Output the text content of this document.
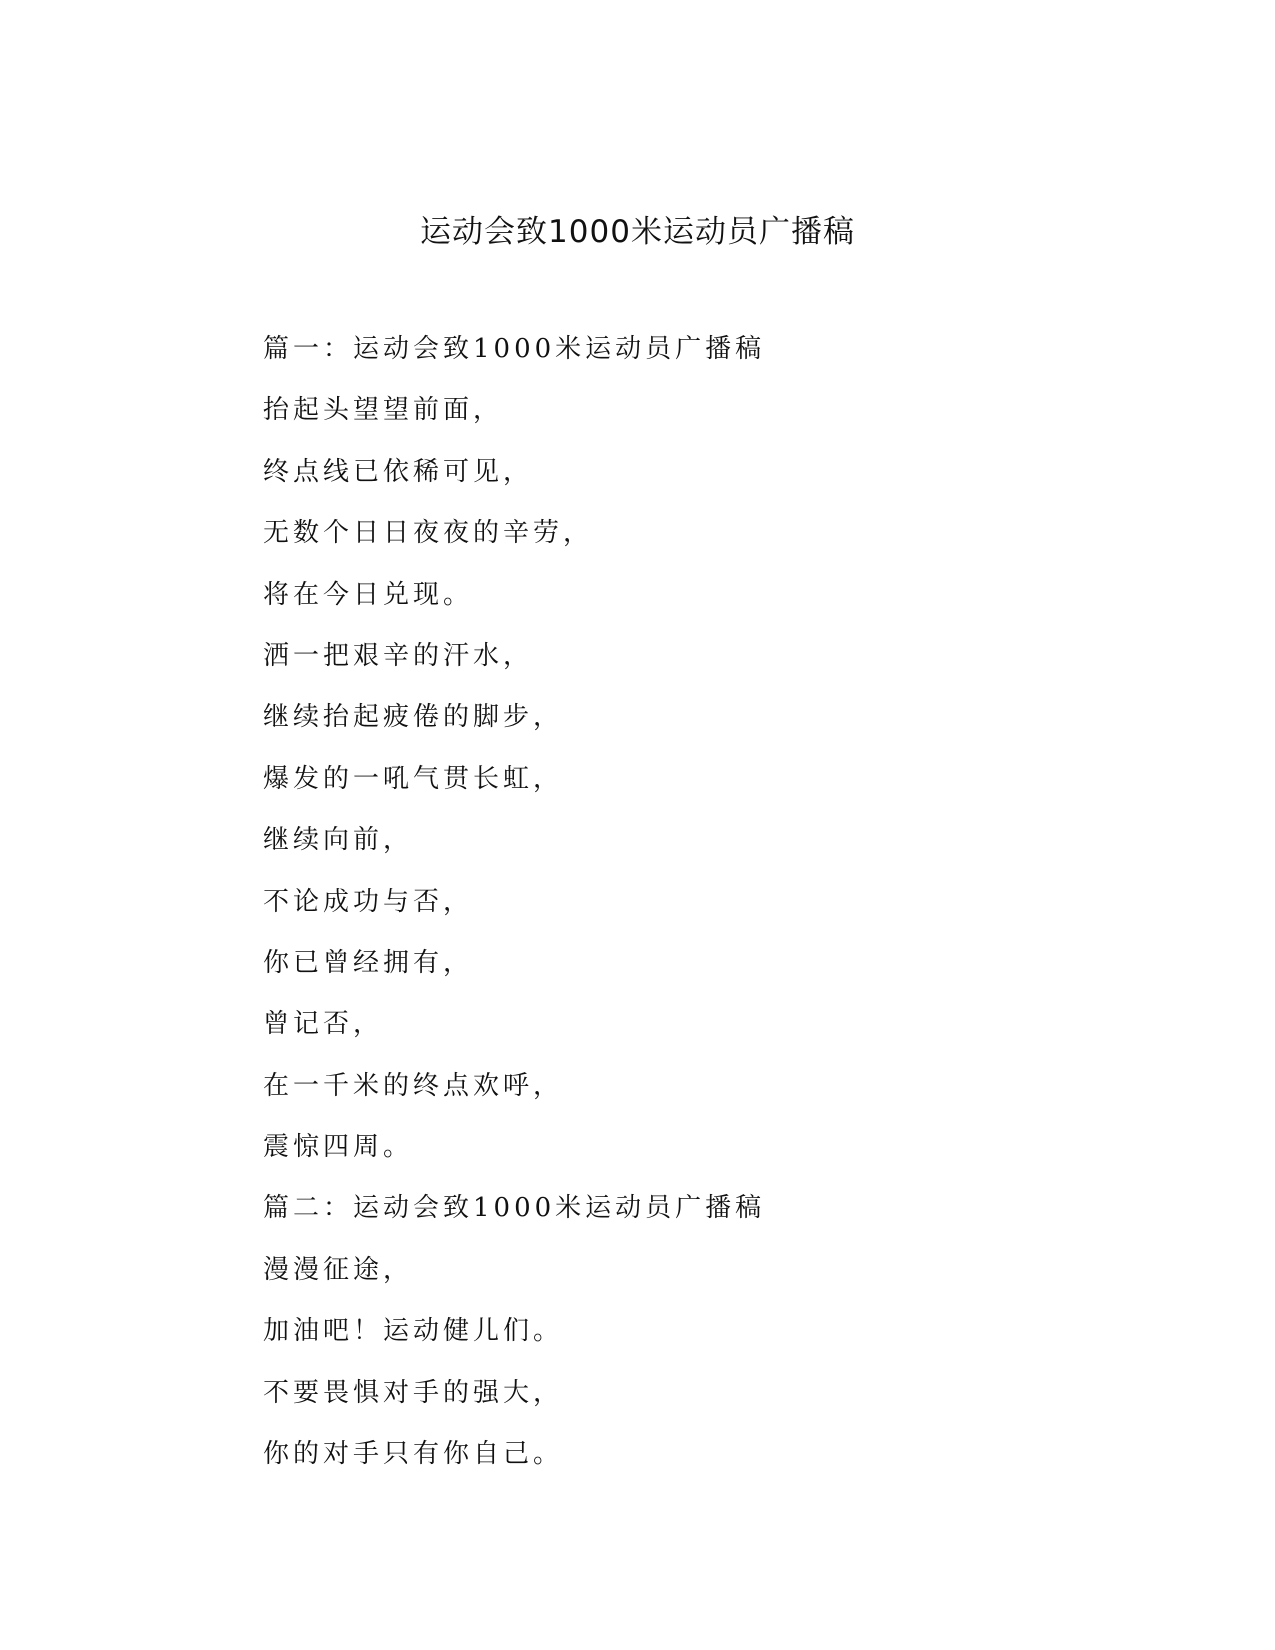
运动会致1000米运动员广播稿
篇一：运动会致1000米运动员广播稿
抬起头望望前面，
终点线已依稀可见，
无数个日日夜夜的辛劳，
将在今日兑现。
洒一把艰辛的汗水，
继续抬起疲倦的脚步，
爆发的一吼气贯长虹，
继续向前，
不论成功与否，
你已曾经拥有，
曾记否，
在一千米的终点欢呼，
震惊四周。
篇二：运动会致1000米运动员广播稿
漫漫征途，
加油吧！运动健儿们。
不要畏惧对手的强大，
你的对手只有你自己。
